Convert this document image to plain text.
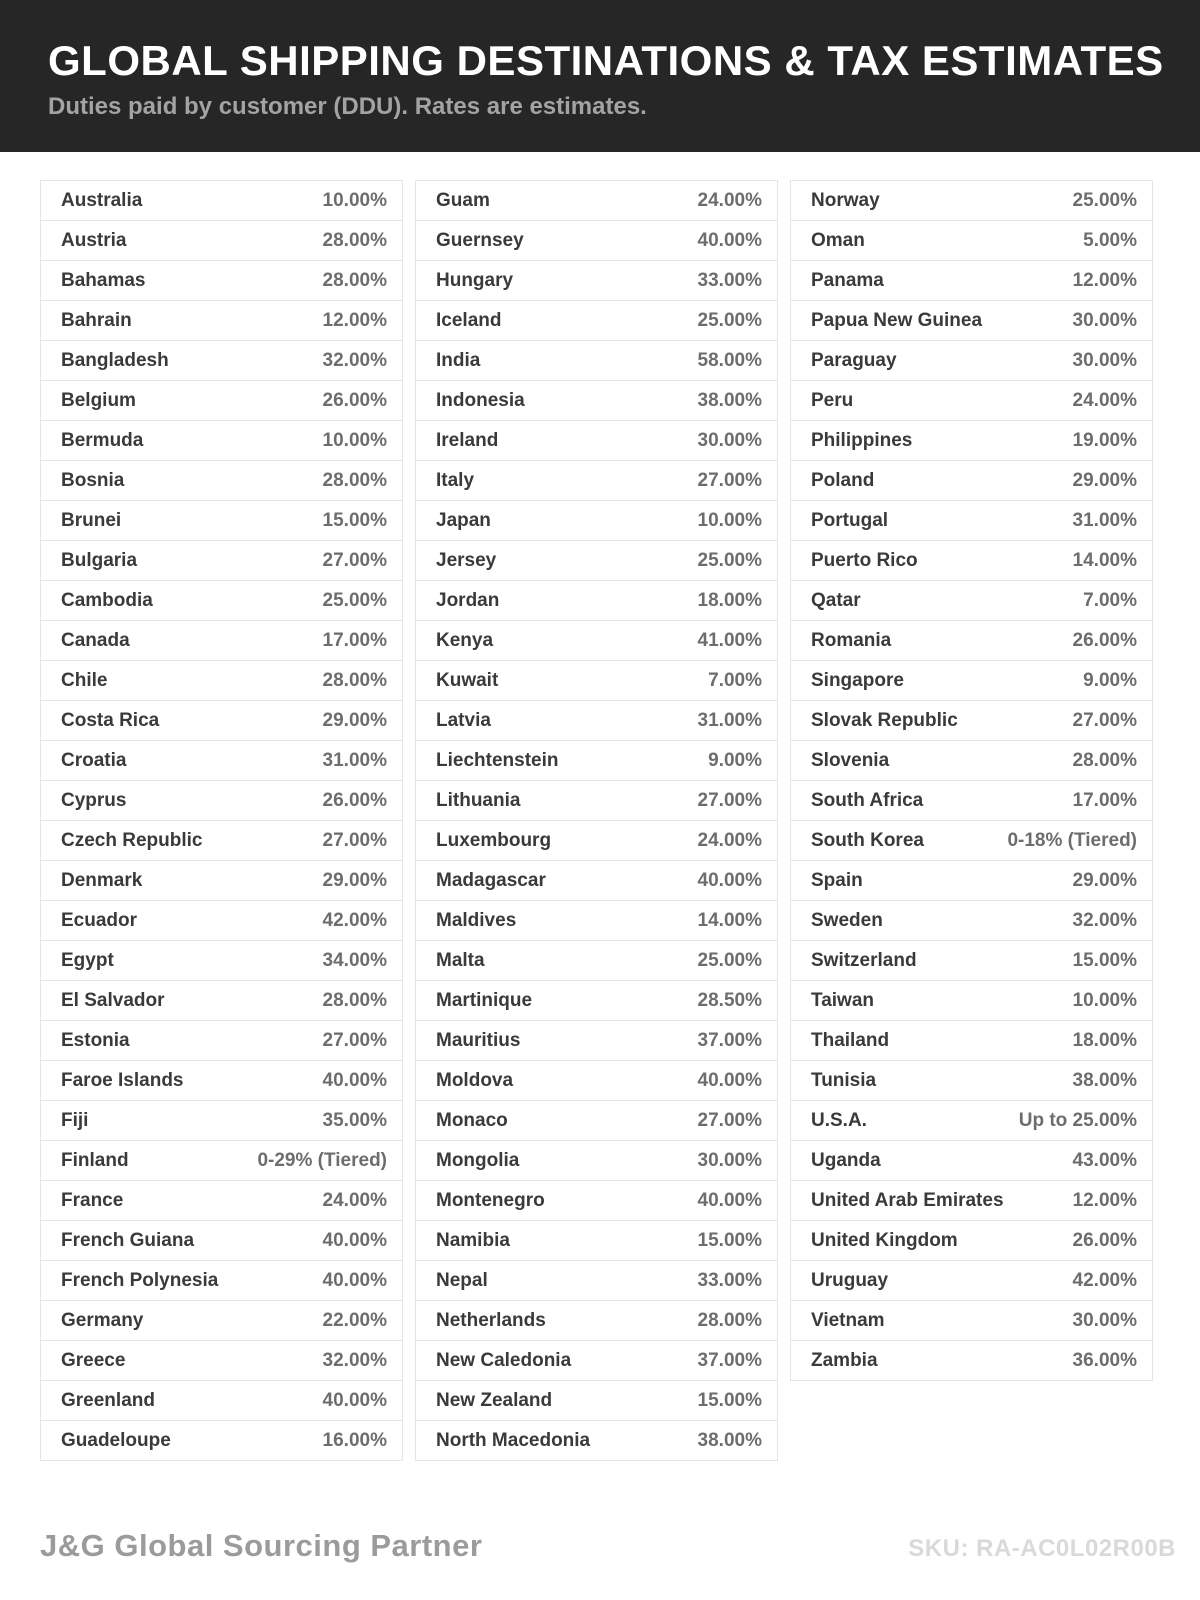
GLOBAL SHIPPING DESTINATIONS & TAX ESTIMATES
Duties paid by customer (DDU). Rates are estimates.
Australia	10.00%
Austria	28.00%
Bahamas	28.00%
Bahrain	12.00%
Bangladesh	32.00%
Belgium	26.00%
Bermuda	10.00%
Bosnia	28.00%
Brunei	15.00%
Bulgaria	27.00%
Cambodia	25.00%
Canada	17.00%
Chile	28.00%
Costa Rica	29.00%
Croatia	31.00%
Cyprus	26.00%
Czech Republic	27.00%
Denmark	29.00%
Ecuador	42.00%
Egypt	34.00%
El Salvador	28.00%
Estonia	27.00%
Faroe Islands	40.00%
Fiji	35.00%
Finland	0-29% (Tiered)
France	24.00%
French Guiana	40.00%
French Polynesia	40.00%
Germany	22.00%
Greece	32.00%
Greenland	40.00%
Guadeloupe	16.00%
Guam	24.00%
Guernsey	40.00%
Hungary	33.00%
Iceland	25.00%
India	58.00%
Indonesia	38.00%
Ireland	30.00%
Italy	27.00%
Japan	10.00%
Jersey	25.00%
Jordan	18.00%
Kenya	41.00%
Kuwait	7.00%
Latvia	31.00%
Liechtenstein	9.00%
Lithuania	27.00%
Luxembourg	24.00%
Madagascar	40.00%
Maldives	14.00%
Malta	25.00%
Martinique	28.50%
Mauritius	37.00%
Moldova	40.00%
Monaco	27.00%
Mongolia	30.00%
Montenegro	40.00%
Namibia	15.00%
Nepal	33.00%
Netherlands	28.00%
New Caledonia	37.00%
New Zealand	15.00%
North Macedonia	38.00%
Norway	25.00%
Oman	5.00%
Panama	12.00%
Papua New Guinea	30.00%
Paraguay	30.00%
Peru	24.00%
Philippines	19.00%
Poland	29.00%
Portugal	31.00%
Puerto Rico	14.00%
Qatar	7.00%
Romania	26.00%
Singapore	9.00%
Slovak Republic	27.00%
Slovenia	28.00%
South Africa	17.00%
South Korea	0-18% (Tiered)
Spain	29.00%
Sweden	32.00%
Switzerland	15.00%
Taiwan	10.00%
Thailand	18.00%
Tunisia	38.00%
U.S.A.	Up to 25.00%
Uganda	43.00%
United Arab Emirates	12.00%
United Kingdom	26.00%
Uruguay	42.00%
Vietnam	30.00%
Zambia	36.00%
J&G Global Sourcing Partner	SKU: RA-AC0L02R00B
